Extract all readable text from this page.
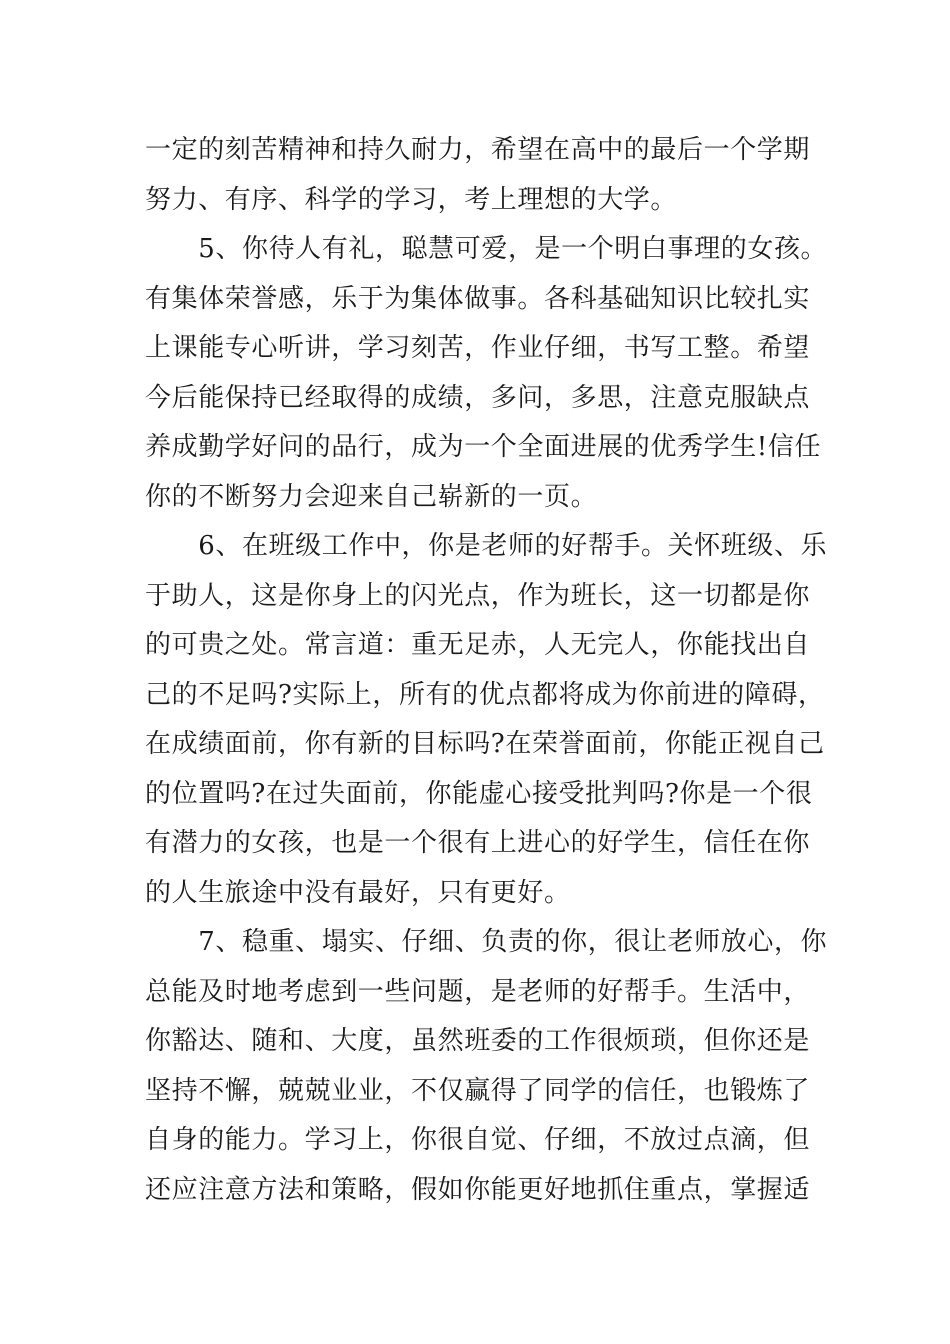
一定的刻苦精神和持久耐力，希望在高中的最后一个学期
努力、有序、科学的学习，考上理想的大学。
　　5、你待人有礼，聪慧可爱，是一个明白事理的女孩。
有集体荣誉感，乐于为集体做事。各科基础知识比较扎实
上课能专心听讲，学习刻苦，作业仔细，书写工整。希望
今后能保持已经取得的成绩，多问，多思，注意克服缺点
养成勤学好问的品行，成为一个全面进展的优秀学生!信任
你的不断努力会迎来自己崭新的一页。
　　6、在班级工作中，你是老师的好帮手。关怀班级、乐
于助人，这是你身上的闪光点，作为班长，这一切都是你
的可贵之处。常言道：重无足赤，人无完人，你能找出自
己的不足吗?实际上，所有的优点都将成为你前进的障碍，
在成绩面前，你有新的目标吗?在荣誉面前，你能正视自己
的位置吗?在过失面前，你能虚心接受批判吗?你是一个很
有潜力的女孩，也是一个很有上进心的好学生，信任在你
的人生旅途中没有最好，只有更好。
　　7、稳重、塌实、仔细、负责的你，很让老师放心，你
总能及时地考虑到一些问题，是老师的好帮手。生活中，
你豁达、随和、大度，虽然班委的工作很烦琐，但你还是
坚持不懈，兢兢业业，不仅赢得了同学的信任，也锻炼了
自身的能力。学习上，你很自觉、仔细，不放过点滴，但
还应注意方法和策略，假如你能更好地抓住重点，掌握适
